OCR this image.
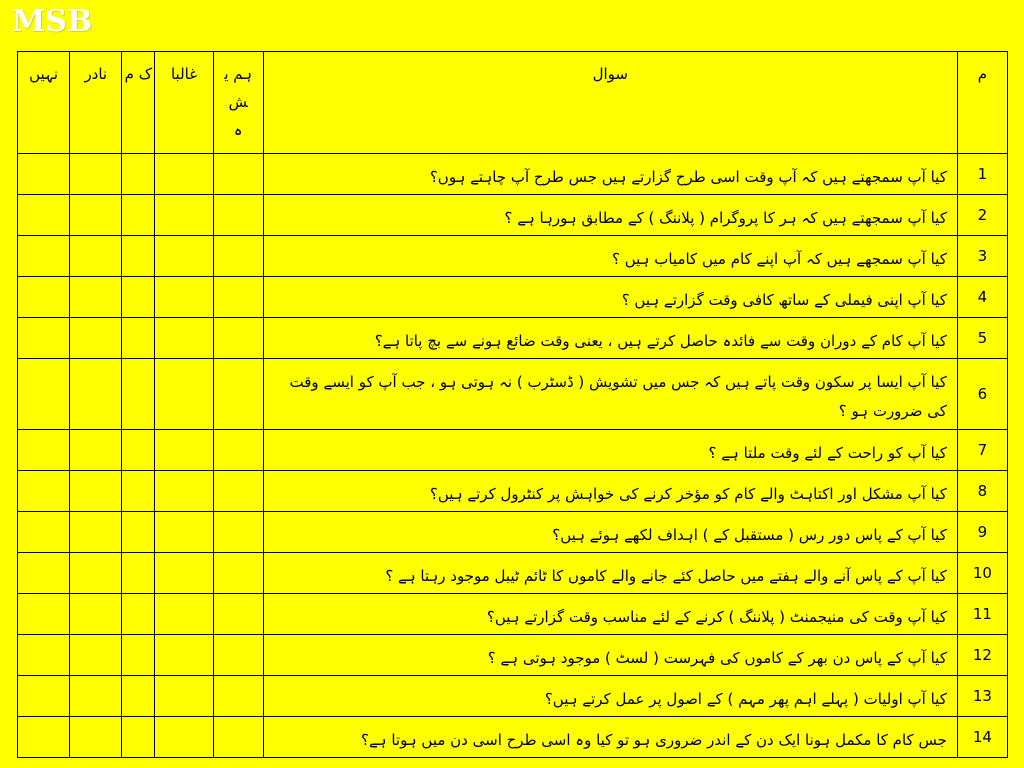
MSB
م	سوال	ہم یش ہ	غالبا	ک م	نادر	نہیں
1	کیا آپ سمجھتے ہیں کہ آپ وقت اسی طرح گزارتے ہیں جس طرح آپ چاہتے ہوں؟					
2	کیا آپ سمجھتے ہیں کہ ہر کا پروگرام ( پلاننگ ) کے مطابق ہورہا ہے ؟					
3	کیا آپ سمجھے ہیں کہ آپ اپنے کام میں کامیاب ہیں ؟					
4	کیا آپ اپنی فیملی کے ساتھ کافی وقت گزارتے ہیں ؟					
5	کیا آپ کام کے دوران وقت سے فائدہ حاصل کرتے ہیں ، یعنی وقت ضائع ہونے سے بچ پاتا ہے؟					
6	کیا آپ ایسا پر سکون وقت پاتے ہیں کہ جس میں تشویش ( ڈسٹرب ) نہ ہوتی ہو ، جب آپ کو ایسے وقت کی ضرورت ہو ؟					
7	کیا آپ کو راحت کے لئے وقت ملتا ہے ؟					
8	کیا آپ مشکل اور اکتاہٹ والے کام کو مؤخر کرنے کی خواہش پر کنٹرول کرتے ہیں؟					
9	کیا آپ کے پاس دور رس ( مستقبل کے ) اہداف لکھے ہوئے ہیں؟					
10	کیا آپ کے پاس آنے والے ہفتے میں حاصل کئے جانے والے کاموں کا ٹائم ٹیبل موجود رہتا ہے ؟					
11	کیا آپ وقت کی منیجمنٹ ( پلاننگ ) کرنے کے لئے مناسب وقت گزارتے ہیں؟					
12	کیا آپ کے پاس دن بھر کے کاموں کی فہرست ( لسٹ ) موجود ہوتی ہے ؟					
13	کیا آپ اولیات ( پہلے اہم پھر مہم ) کے اصول پر عمل کرتے ہیں؟					
14	جس کام کا مکمل ہونا ایک دن کے اندر ضروری ہو تو کیا وہ اسی طرح اسی دن میں ہوتا ہے؟					
